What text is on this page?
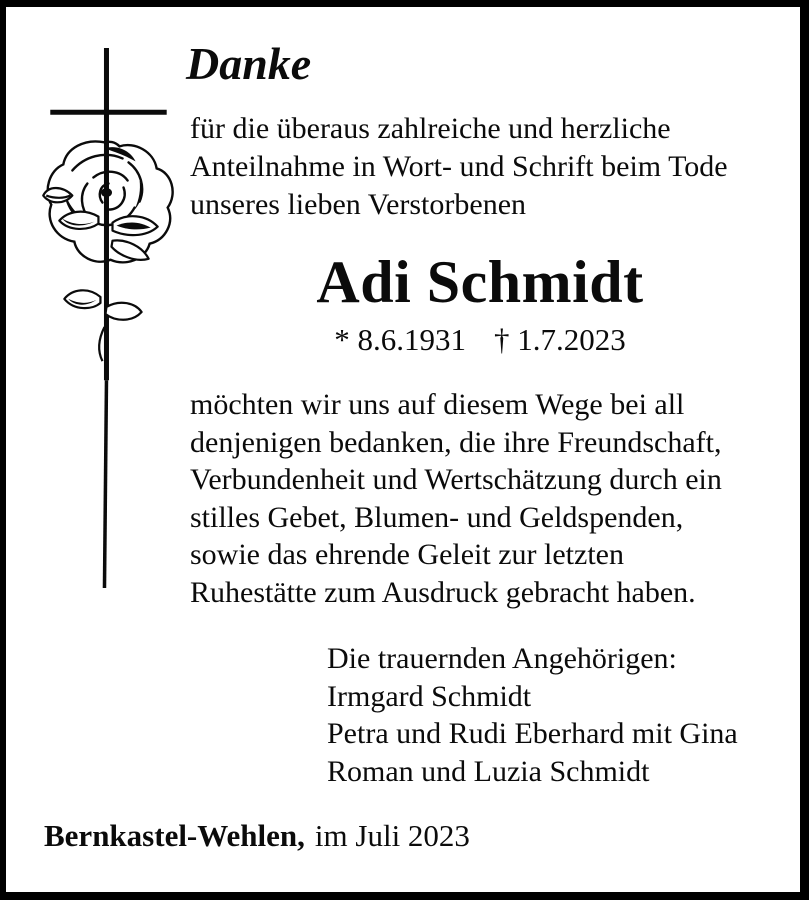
Danke
für die überaus zahlreiche und herzliche
Anteilnahme in Wort- und Schrift beim Tode
unseres lieben Verstorbenen
Adi Schmidt
* 8.6.1931 † 1.7.2023
möchten wir uns auf diesem Wege bei all
denjenigen bedanken, die ihre Freundschaft,
Verbundenheit und Wertschätzung durch ein
stilles Gebet, Blumen- und Geldspenden,
sowie das ehrende Geleit zur letzten
Ruhestätte zum Ausdruck gebracht haben.
Die trauernden Angehörigen:
Irmgard Schmidt
Petra und Rudi Eberhard mit Gina
Roman und Luzia Schmidt
Bernkastel-Wehlen, im Juli 2023
